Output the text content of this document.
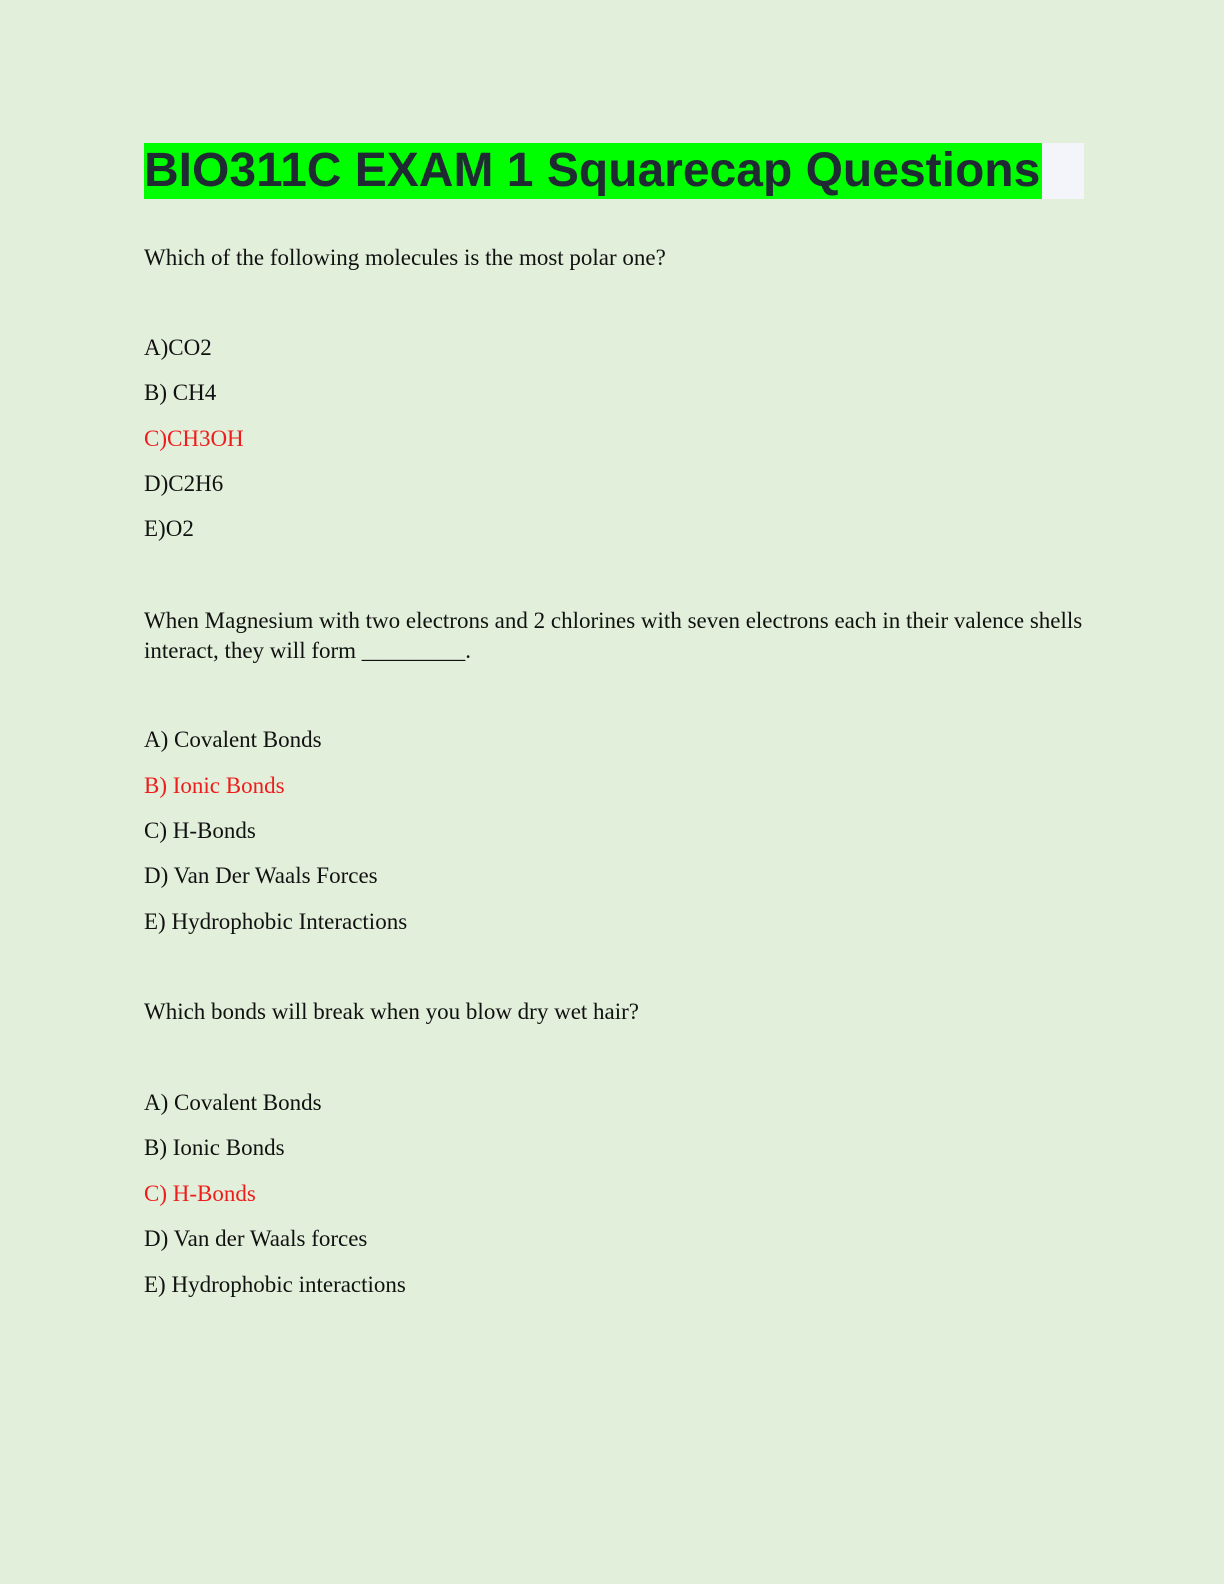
BIO311C EXAM 1 Squarecap Questions
Which of the following molecules is the most polar one?
A)CO2
B) CH4
C)CH3OH
D)C2H6
E)O2
When Magnesium with two electrons and 2 chlorines with seven electrons each in their valence shells interact, they will form _________.
A) Covalent Bonds
B) Ionic Bonds
C) H-Bonds
D) Van Der Waals Forces
E) Hydrophobic Interactions
Which bonds will break when you blow dry wet hair?
A) Covalent Bonds
B) Ionic Bonds
C) H-Bonds
D) Van der Waals forces
E) Hydrophobic interactions
